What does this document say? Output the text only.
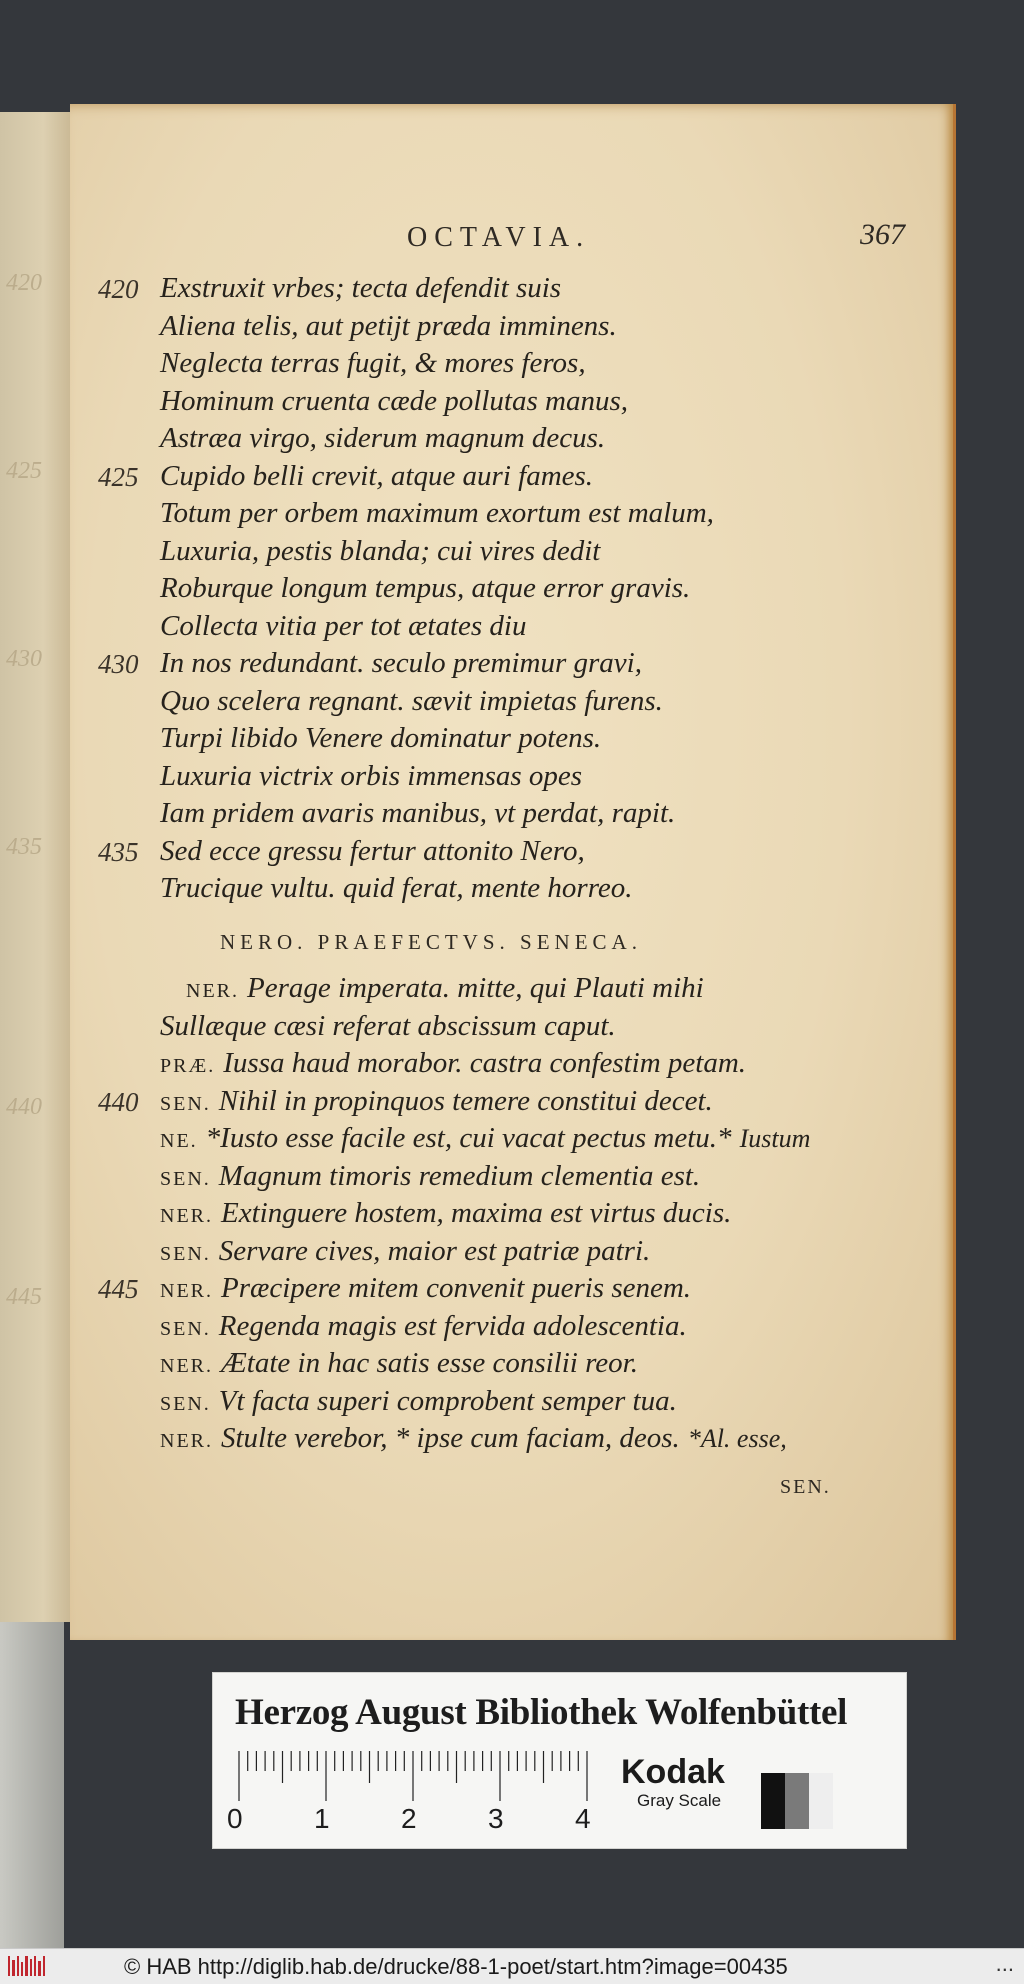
420
425
430
435
440
445
OCTAVIA.	367
420 Exstruxit vrbes; tecta defendit suis
Aliena telis, aut petijt præda imminens.
Neglecta terras fugit, & mores feros,
Hominum cruenta cæde pollutas manus,
Astræa virgo, siderum magnum decus.
425 Cupido belli crevit, atque auri fames.
Totum per orbem maximum exortum est malum,
Luxuria, pestis blanda; cui vires dedit
Roburque longum tempus, atque error gravis.
Collecta vitia per tot ætates diu
430 In nos redundant. seculo premimur gravi,
Quo scelera regnant. sævit impietas furens.
Turpi libido Venere dominatur potens.
Luxuria victrix orbis immensas opes
Iam pridem avaris manibus, vt perdat, rapit.
435 Sed ecce gressu fertur attonito Nero,
Trucique vultu. quid ferat, mente horreo.
NERO. PRAEFECTVS. SENECA.
NER. Perage imperata. mitte, qui Plauti mihi
Sullæque cæsi referat abscissum caput.
PRÆ. Iussa haud morabor. castra confestim petam.
440	SEN. Nihil in propinquos temere constitui decet.
NE. *Iusto esse facile est, cui vacat pectus metu.* Iustum
SEN. Magnum timoris remedium clementia est.
NER. Extinguere hostem, maxima est virtus ducis.
SEN. Servare cives, maior est patriæ patri.
445	NER. Præcipere mitem convenit pueris senem.
SEN. Regenda magis est fervida adolescentia.
NER. Ætate in hac satis esse consilii reor.
SEN. Vt facta superi comprobent semper tua.
NER. Stulte verebor, * ipse cum faciam, deos. *Al. esse,
SEN.
Herzog August Bibliothek Wolfenbüttel
0	1	2	3	4
Kodak
Gray Scale
© HAB http://diglib.hab.de/drucke/88-1-poet/start.htm?image=00435	...
